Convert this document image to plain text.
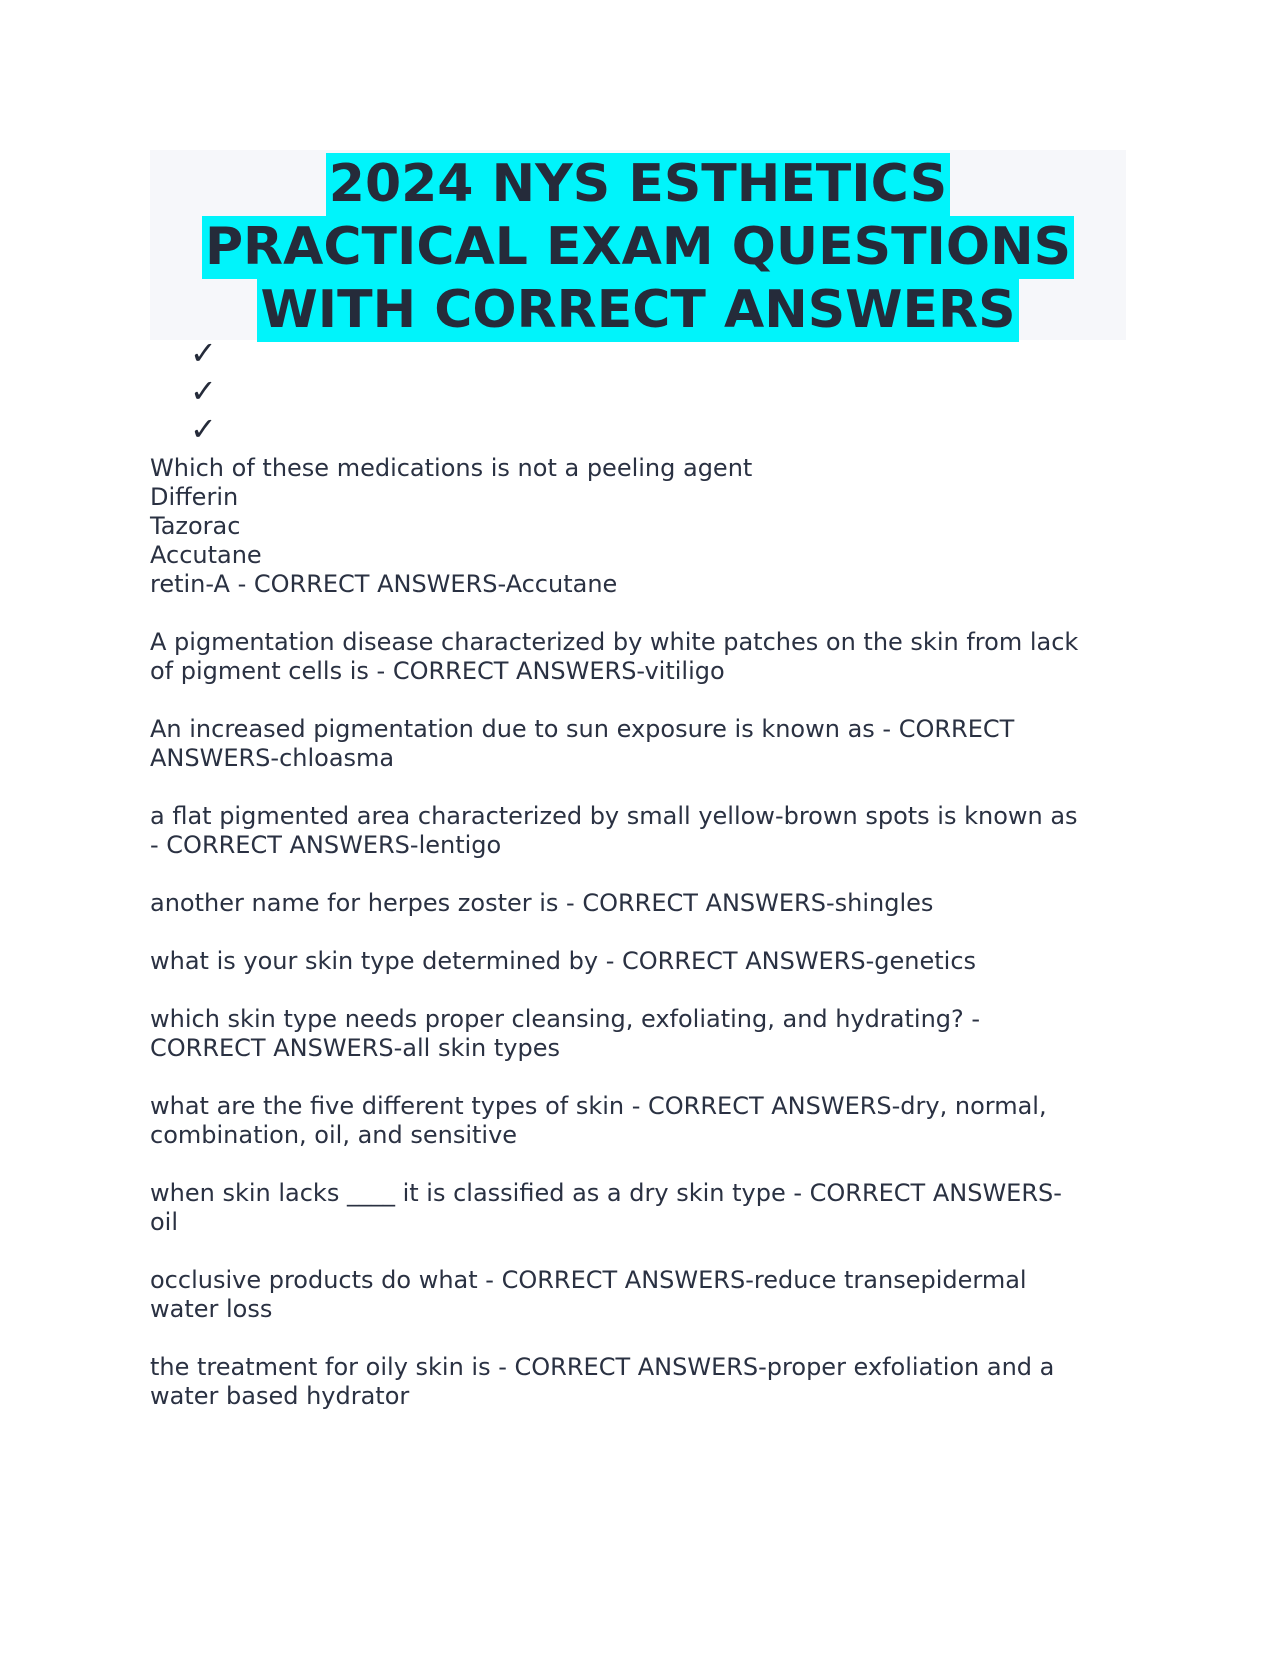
2024 NYS ESTHETICS
PRACTICAL EXAM QUESTIONS
WITH CORRECT ANSWERS
✓
✓
✓
Which of these medications is not a peeling agent
Differin
Tazorac
Accutane
retin-A - CORRECT ANSWERS-Accutane
A pigmentation disease characterized by white patches on the skin from lack
of pigment cells is - CORRECT ANSWERS-vitiligo
An increased pigmentation due to sun exposure is known as - CORRECT
ANSWERS-chloasma
a flat pigmented area characterized by small yellow-brown spots is known as
- CORRECT ANSWERS-lentigo
another name for herpes zoster is - CORRECT ANSWERS-shingles
what is your skin type determined by - CORRECT ANSWERS-genetics
which skin type needs proper cleansing, exfoliating, and hydrating? -
CORRECT ANSWERS-all skin types
what are the five different types of skin - CORRECT ANSWERS-dry, normal,
combination, oil, and sensitive
when skin lacks ____ it is classified as a dry skin type - CORRECT ANSWERS-
oil
occlusive products do what - CORRECT ANSWERS-reduce transepidermal
water loss
the treatment for oily skin is - CORRECT ANSWERS-proper exfoliation and a
water based hydrator
